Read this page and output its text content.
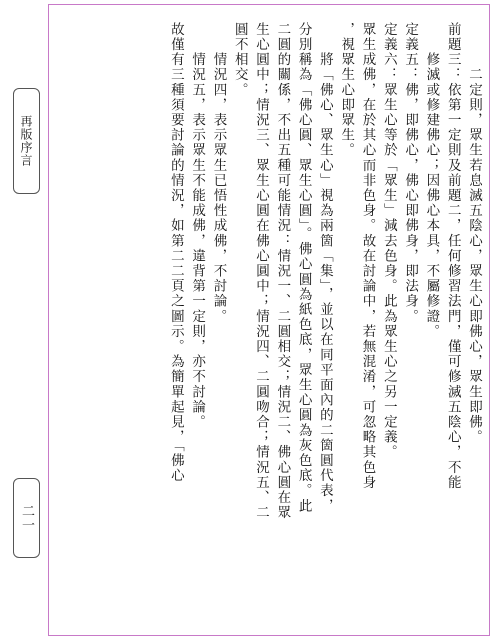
再版序言
二一
　　　二定則，眾生若息滅五陰心，眾生心即佛心，眾生即佛。
前題三：依第一定則及前題二，任何修習法門，僅可修滅五陰心，不能
　　修滅或修建佛心；因佛心本具，不屬修證。
定義五：佛，即佛心，佛心即佛身，即法身。
定義六：眾生心等於「眾生」減去色身。此為眾生心之另一定義。
眾生成佛，在於其心而非色身。故在討論中，若無混淆，可忽略其色身
，視眾生心即眾生。
　　將「佛心、眾生心」視為兩箇「集」，並以在同平面內的二箇圓代表，
分別稱為「佛心圓、眾生心圓」。佛心圓為紙色底，眾生心圓為灰色底。此
二圓的關係，不出五種可能情況：情況一、二圓相交；情況二、佛心圓在眾
生心圓中；情況三、眾生心圓在佛心圓中；情況四、二圓吻合；情況五、二
圓不相交。
　　情況四，表示眾生已悟性成佛，不討論。
　　情況五，表示眾生不能成佛，違背第一定則，亦不討論。
故僅有三種須要討論的情況，如第二二頁之圖示。為簡單起見，「佛心
